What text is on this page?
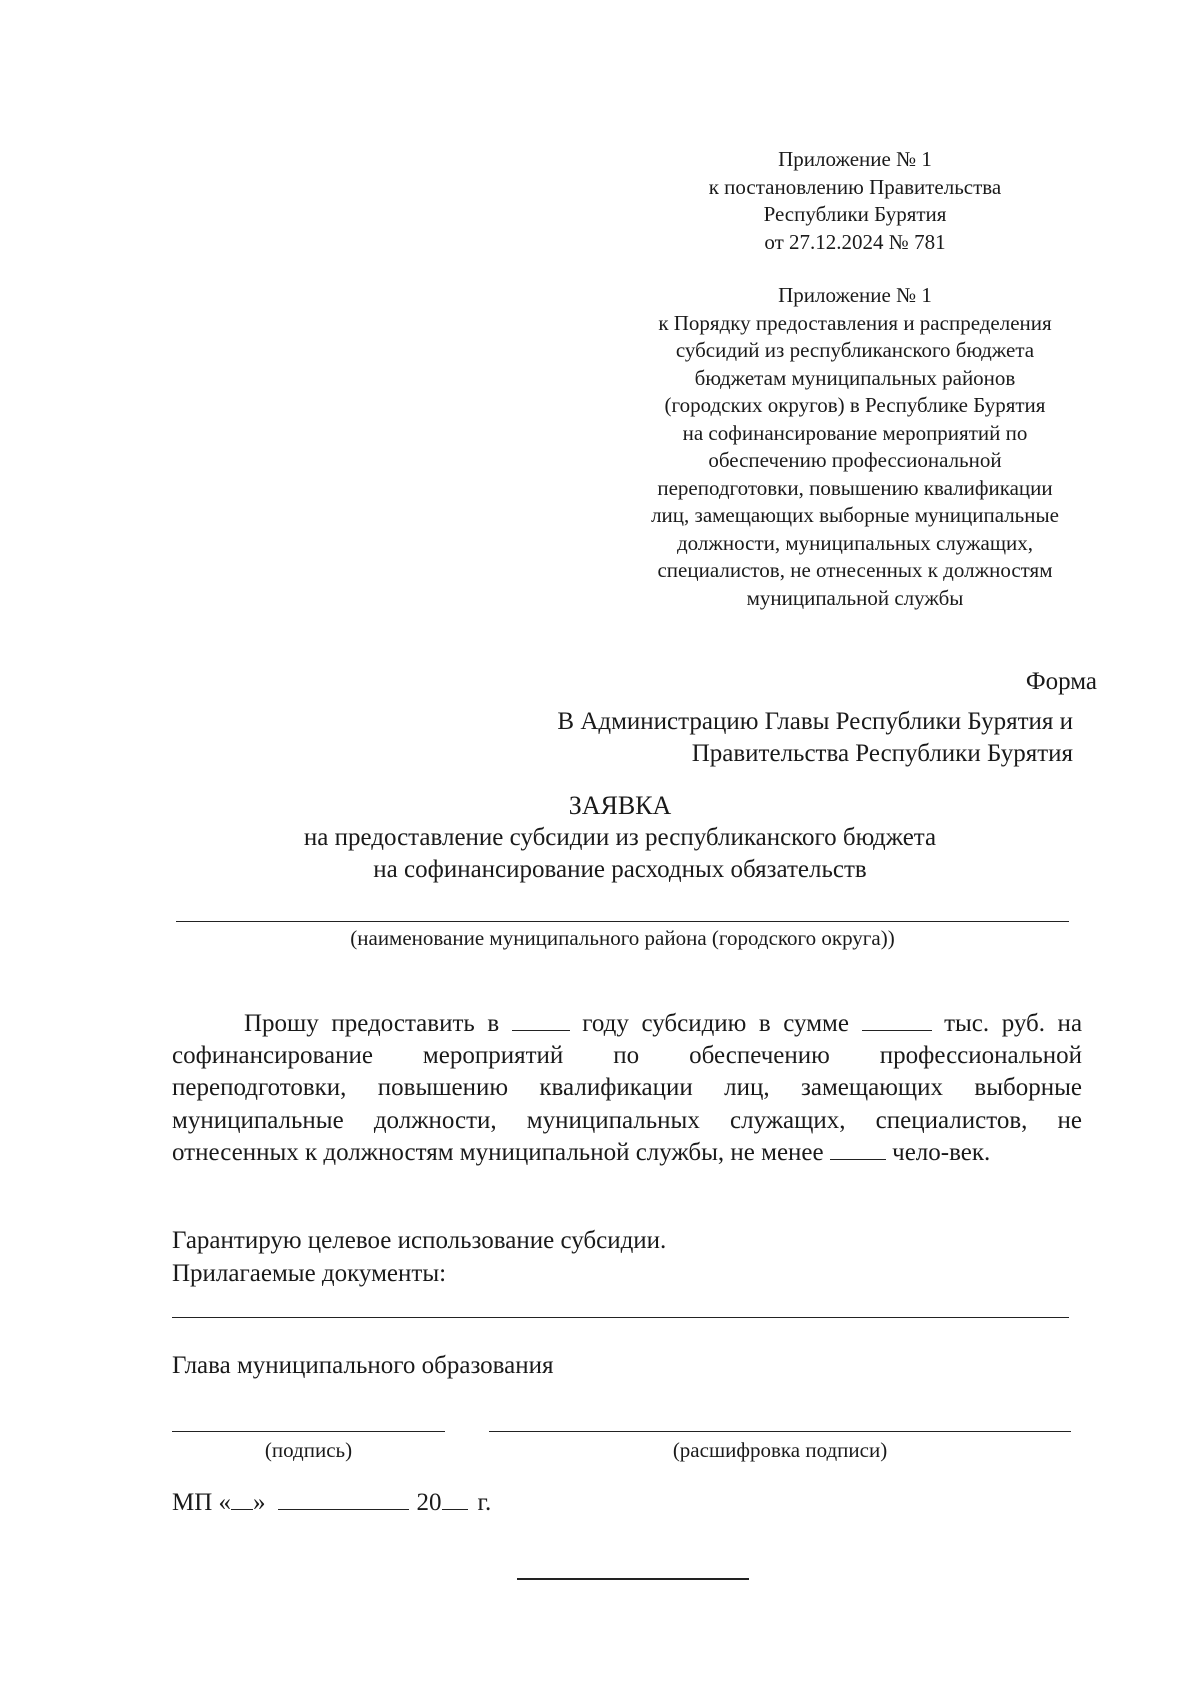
Приложение № 1
к постановлению Правительства
Республики Бурятия
от 27.12.2024 № 781
Приложение № 1
к Порядку предоставления и распределения
субсидий из республиканского бюджета
бюджетам муниципальных районов
(городских округов) в Республике Бурятия
на софинансирование мероприятий по
обеспечению профессиональной
переподготовки, повышению квалификации
лиц, замещающих выборные муниципальные
должности, муниципальных служащих,
специалистов, не отнесенных к должностям
муниципальной службы
Форма
В Администрацию Главы Республики Бурятия и
Правительства Республики Бурятия
ЗАЯВКА
на предоставление субсидии из республиканского бюджета
на софинансирование расходных обязательств
(наименование муниципального района (городского округа))
Прошу предоставить в	году субсидию в сумме	тыс. руб. на софинансирование мероприятий по обеспечению профессиональной переподготовки, повышению квалификации лиц, замещающих выборные муниципальные должности, муниципальных служащих, специалистов, не отнесенных к должностям муниципальной службы, не менее	чело-век.
Гарантирую целевое использование субсидии.
Прилагаемые документы:
Глава муниципального образования
(подпись)	(расшифровка подписи)
МП « »	20 г.
